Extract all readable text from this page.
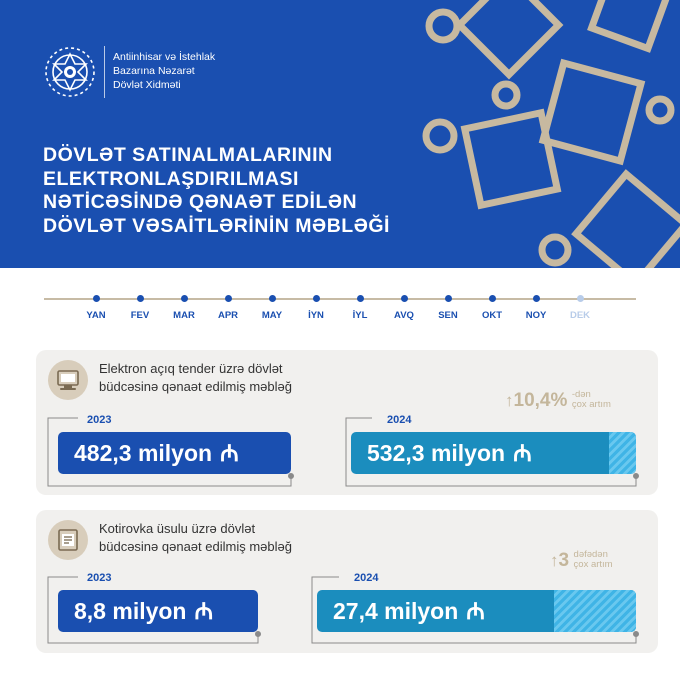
Antiinhisar və İstehlak
Bazarına Nəzarət
Dövlət Xidməti
DÖVLƏT SATINALMALARININ
ELEKTRONLAŞDIRILMASI
NƏTİCƏSİNDƏ QƏNAƏT EDİLƏN
DÖVLƏT VƏSAİTLƏRİNİN MƏBLƏĞİ
YAN	FEV	MAR	APR	MAY	İYN	İYL	AVQ	SEN	OKT	NOY	DEK
Elektron açıq tender üzrə dövlət
büdcəsinə qənaət edilmiş məbləğ
2023	2024
482,3 milyon ₼	532,3 milyon ₼
↑10,4% -dən
çox artım
Kotirovka üsulu üzrə dövlət
büdcəsinə qənaət edilmiş məbləğ
2023	2024
8,8 milyon ₼	27,4 milyon ₼
↑3 dəfədən
çox artım
